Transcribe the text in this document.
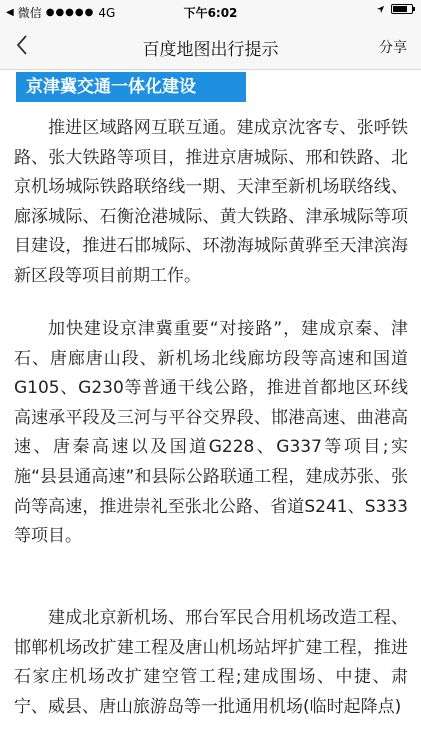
◀ 微信 ●●●●● 4G	下午6:02
百度地图出行提示	分享
京津冀交通一体化建设

推进区域路网互联互通。建成京沈客专、张呼铁路、张大铁路等项目，推进京唐城际、邢和铁路、北京机场城际铁路联络线一期、天津至新机场联络线、廊涿城际、石衡沧港城际、黄大铁路、津承城际等项目建设，推进石邯城际、环渤海城际黄骅至天津滨海新区段等项目前期工作。

加快建设京津冀重要“对接路”，建成京秦、津石、唐廊唐山段、新机场北线廊坊段等高速和国道G105、G230等普通干线公路，推进首都地区环线高速承平段及三河与平谷交界段、邯港高速、曲港高速、唐秦高速以及国道G228、G337等项目;实施“县县通高速”和县际公路联通工程，建成苏张、张尚等高速，推进崇礼至张北公路、省道S241、S333等项目。

建成北京新机场、邢台军民合用机场改造工程、邯郸机场改扩建工程及唐山机场站坪扩建工程，推进石家庄机场改扩建空管工程;建成围场、中捷、肃宁、威县、唐山旅游岛等一批通用机场(临时起降点)
